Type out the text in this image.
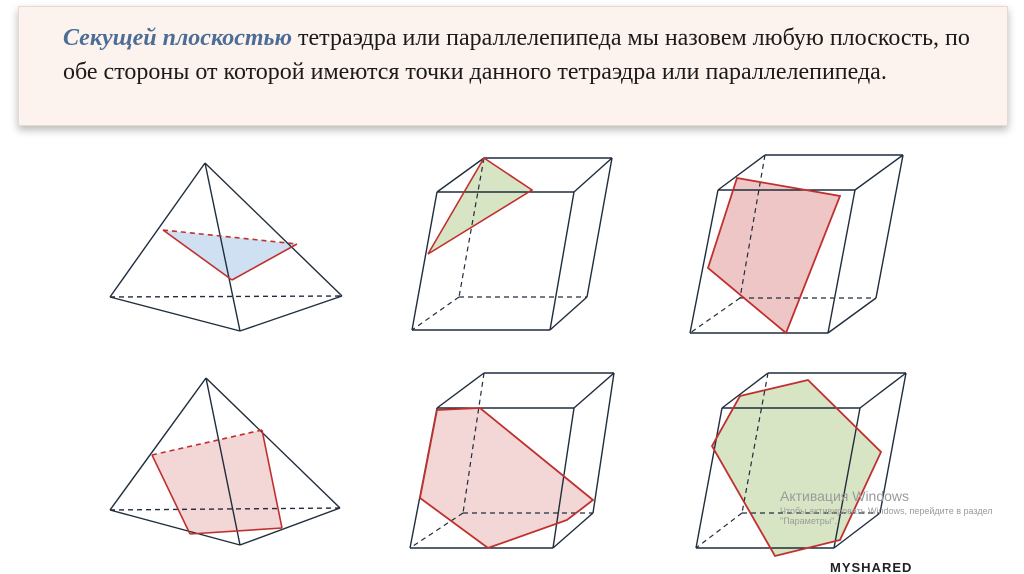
Секущей плоскостью тетраэдра или параллелепипеда мы назовем любую плоскость, по обе стороны от которой имеются точки данного тетраэдра или параллелепипеда.

Активация Windows
Чтобы активировать Windows, перейдите в раздел "Параметры".
MYSHARED
